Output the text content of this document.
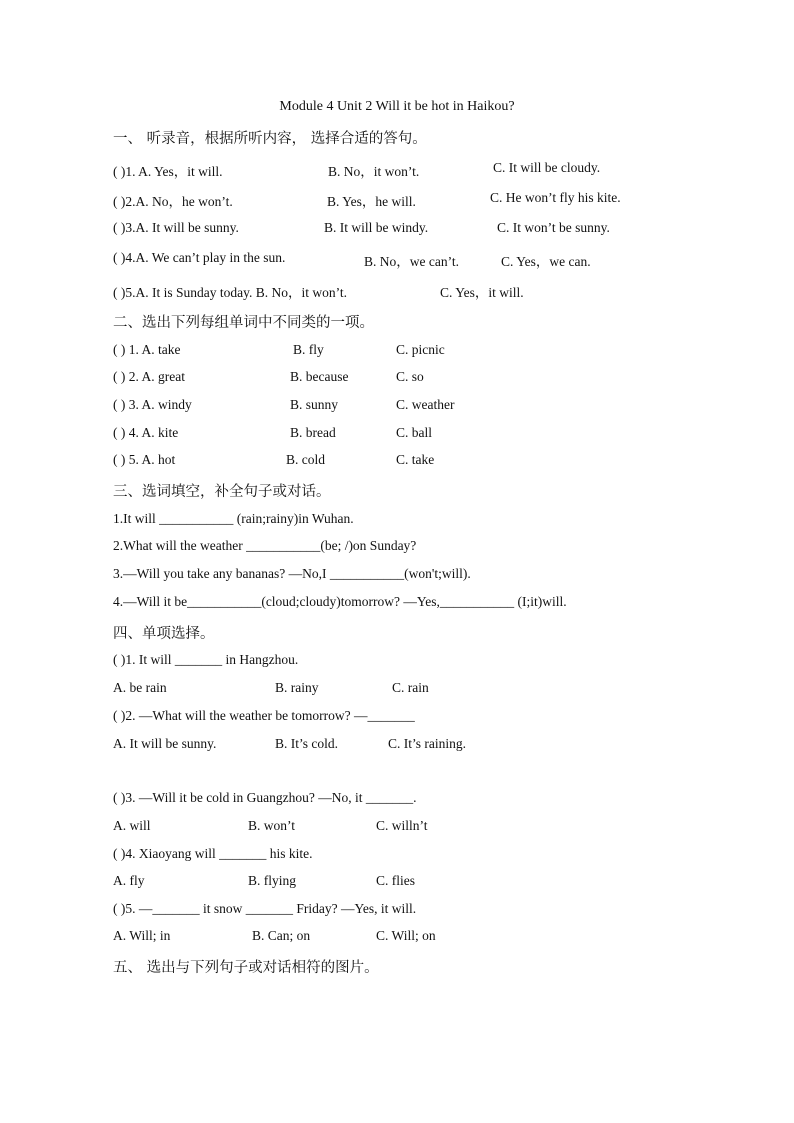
Module 4 Unit 2 Will it be hot in Haikou?
一、 听录音，根据所听内容， 选择合适的答句。
( )1. A. Yes，it will.	B. No，it won’t.	C. It will be cloudy.
( )2.A. No，he won’t.	B. Yes，he will.	C. He won’t fly his kite.
( )3.A. It will be sunny.	B. It will be windy.	C. It won’t be sunny.
( )4.A. We can’t play in the sun.	B. No，we can’t.	C. Yes，we can.
( )5.A. It is Sunday today. B. No，it won’t.	C. Yes，it will.
二、选出下列每组单词中不同类的一项。
( ) 1. A. take	B. fly	C. picnic
( ) 2. A. great	B. because	C. so
( ) 3. A. windy	B. sunny	C. weather
( ) 4. A. kite	B. bread	C. ball
( ) 5. A. hot	B. cold	C. take
三、选词填空，补全句子或对话。
1.It will ___________ (rain;rainy)in Wuhan.
2.What will the weather ___________(be; /)on Sunday?
3.—Will you take any bananas? —No,I ___________(won't;will).
4.—Will it be___________(cloud;cloudy)tomorrow? —Yes,___________ (I;it)will.
四、单项选择。
( )1. It will _______ in Hangzhou.
A. be rain	B. rainy	C. rain
( )2. —What will the weather be tomorrow? —_______
A. It will be sunny.	B. It’s cold.	C. It’s raining.
( )3. —Will it be cold in Guangzhou? —No, it _______.
A. will	B. won’t	C. willn’t
( )4. Xiaoyang will _______ his kite.
A. fly	B. flying	C. flies
( )5. —_______ it snow _______ Friday? —Yes, it will.
A. Will; in	B. Can; on	C. Will; on
五、 选出与下列句子或对话相符的图片。
